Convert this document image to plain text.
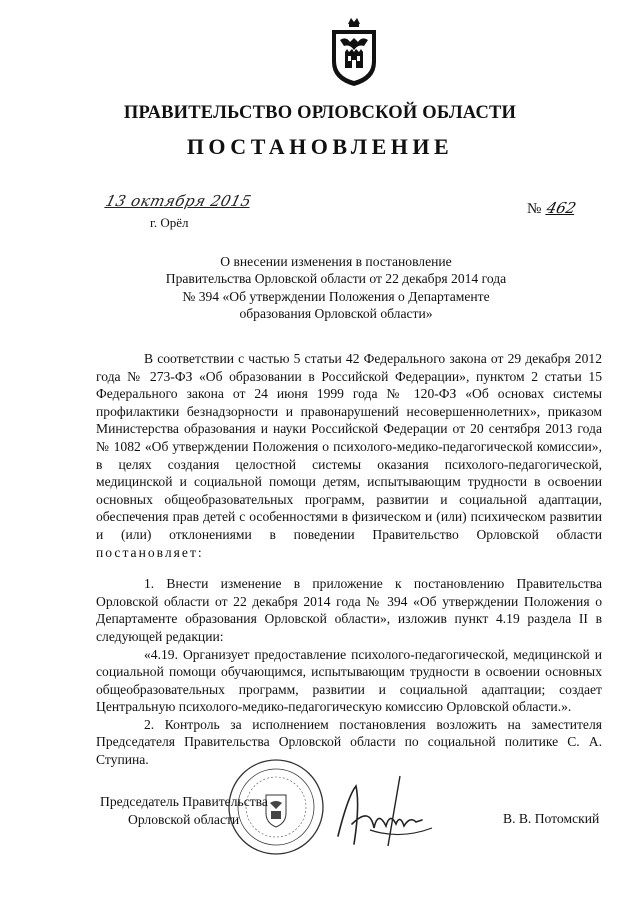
ПРАВИТЕЛЬСТВО ОРЛОВСКОЙ ОБЛАСТИ
ПОСТАНОВЛЕНИЕ
13 октября 2015
г. Орёл
№ 462
О внесении изменения в постановление
Правительства Орловской области от 22 декабря 2014 года
№ 394 «Об утверждении Положения о Департаменте
образования Орловской области»

В соответствии с частью 5 статьи 42 Федерального закона от 29 декабря 2012 года № 273-ФЗ «Об образовании в Российской Федерации», пунктом 2 статьи 15 Федерального закона от 24 июня 1999 года № 120-ФЗ «Об основах системы профилактики безнадзорности и правонарушений несовершеннолетних», приказом Министерства образования и науки Российской Федерации от 20 сентября 2013 года № 1082 «Об утверждении Положения о психолого-медико-педагогической комиссии», в целях создания целостной системы оказания психолого-педагогической, медицинской и социальной помощи детям, испытывающим трудности в освоении основных общеобразовательных программ, развитии и социальной адаптации, обеспечения прав детей с особенностями в физическом и (или) психическом развитии и (или) отклонениями в поведении Правительство Орловской области постановляет:

1. Внести изменение в приложение к постановлению Правительства Орловской области от 22 декабря 2014 года № 394 «Об утверждении Положения о Департаменте образования Орловской области», изложив пункт 4.19 раздела II в следующей редакции:

«4.19. Организует предоставление психолого-педагогической, медицинской и социальной помощи обучающимся, испытывающим трудности в освоении основных общеобразовательных программ, развитии и социальной адаптации; создает Центральную психолого-медико-педагогическую комиссию Орловской области.».

2. Контроль за исполнением постановления возложить на заместителя Председателя Правительства Орловской области по социальной политике С. А. Ступина.

Председатель Правительства
Орловской области	В. В. Потомский
